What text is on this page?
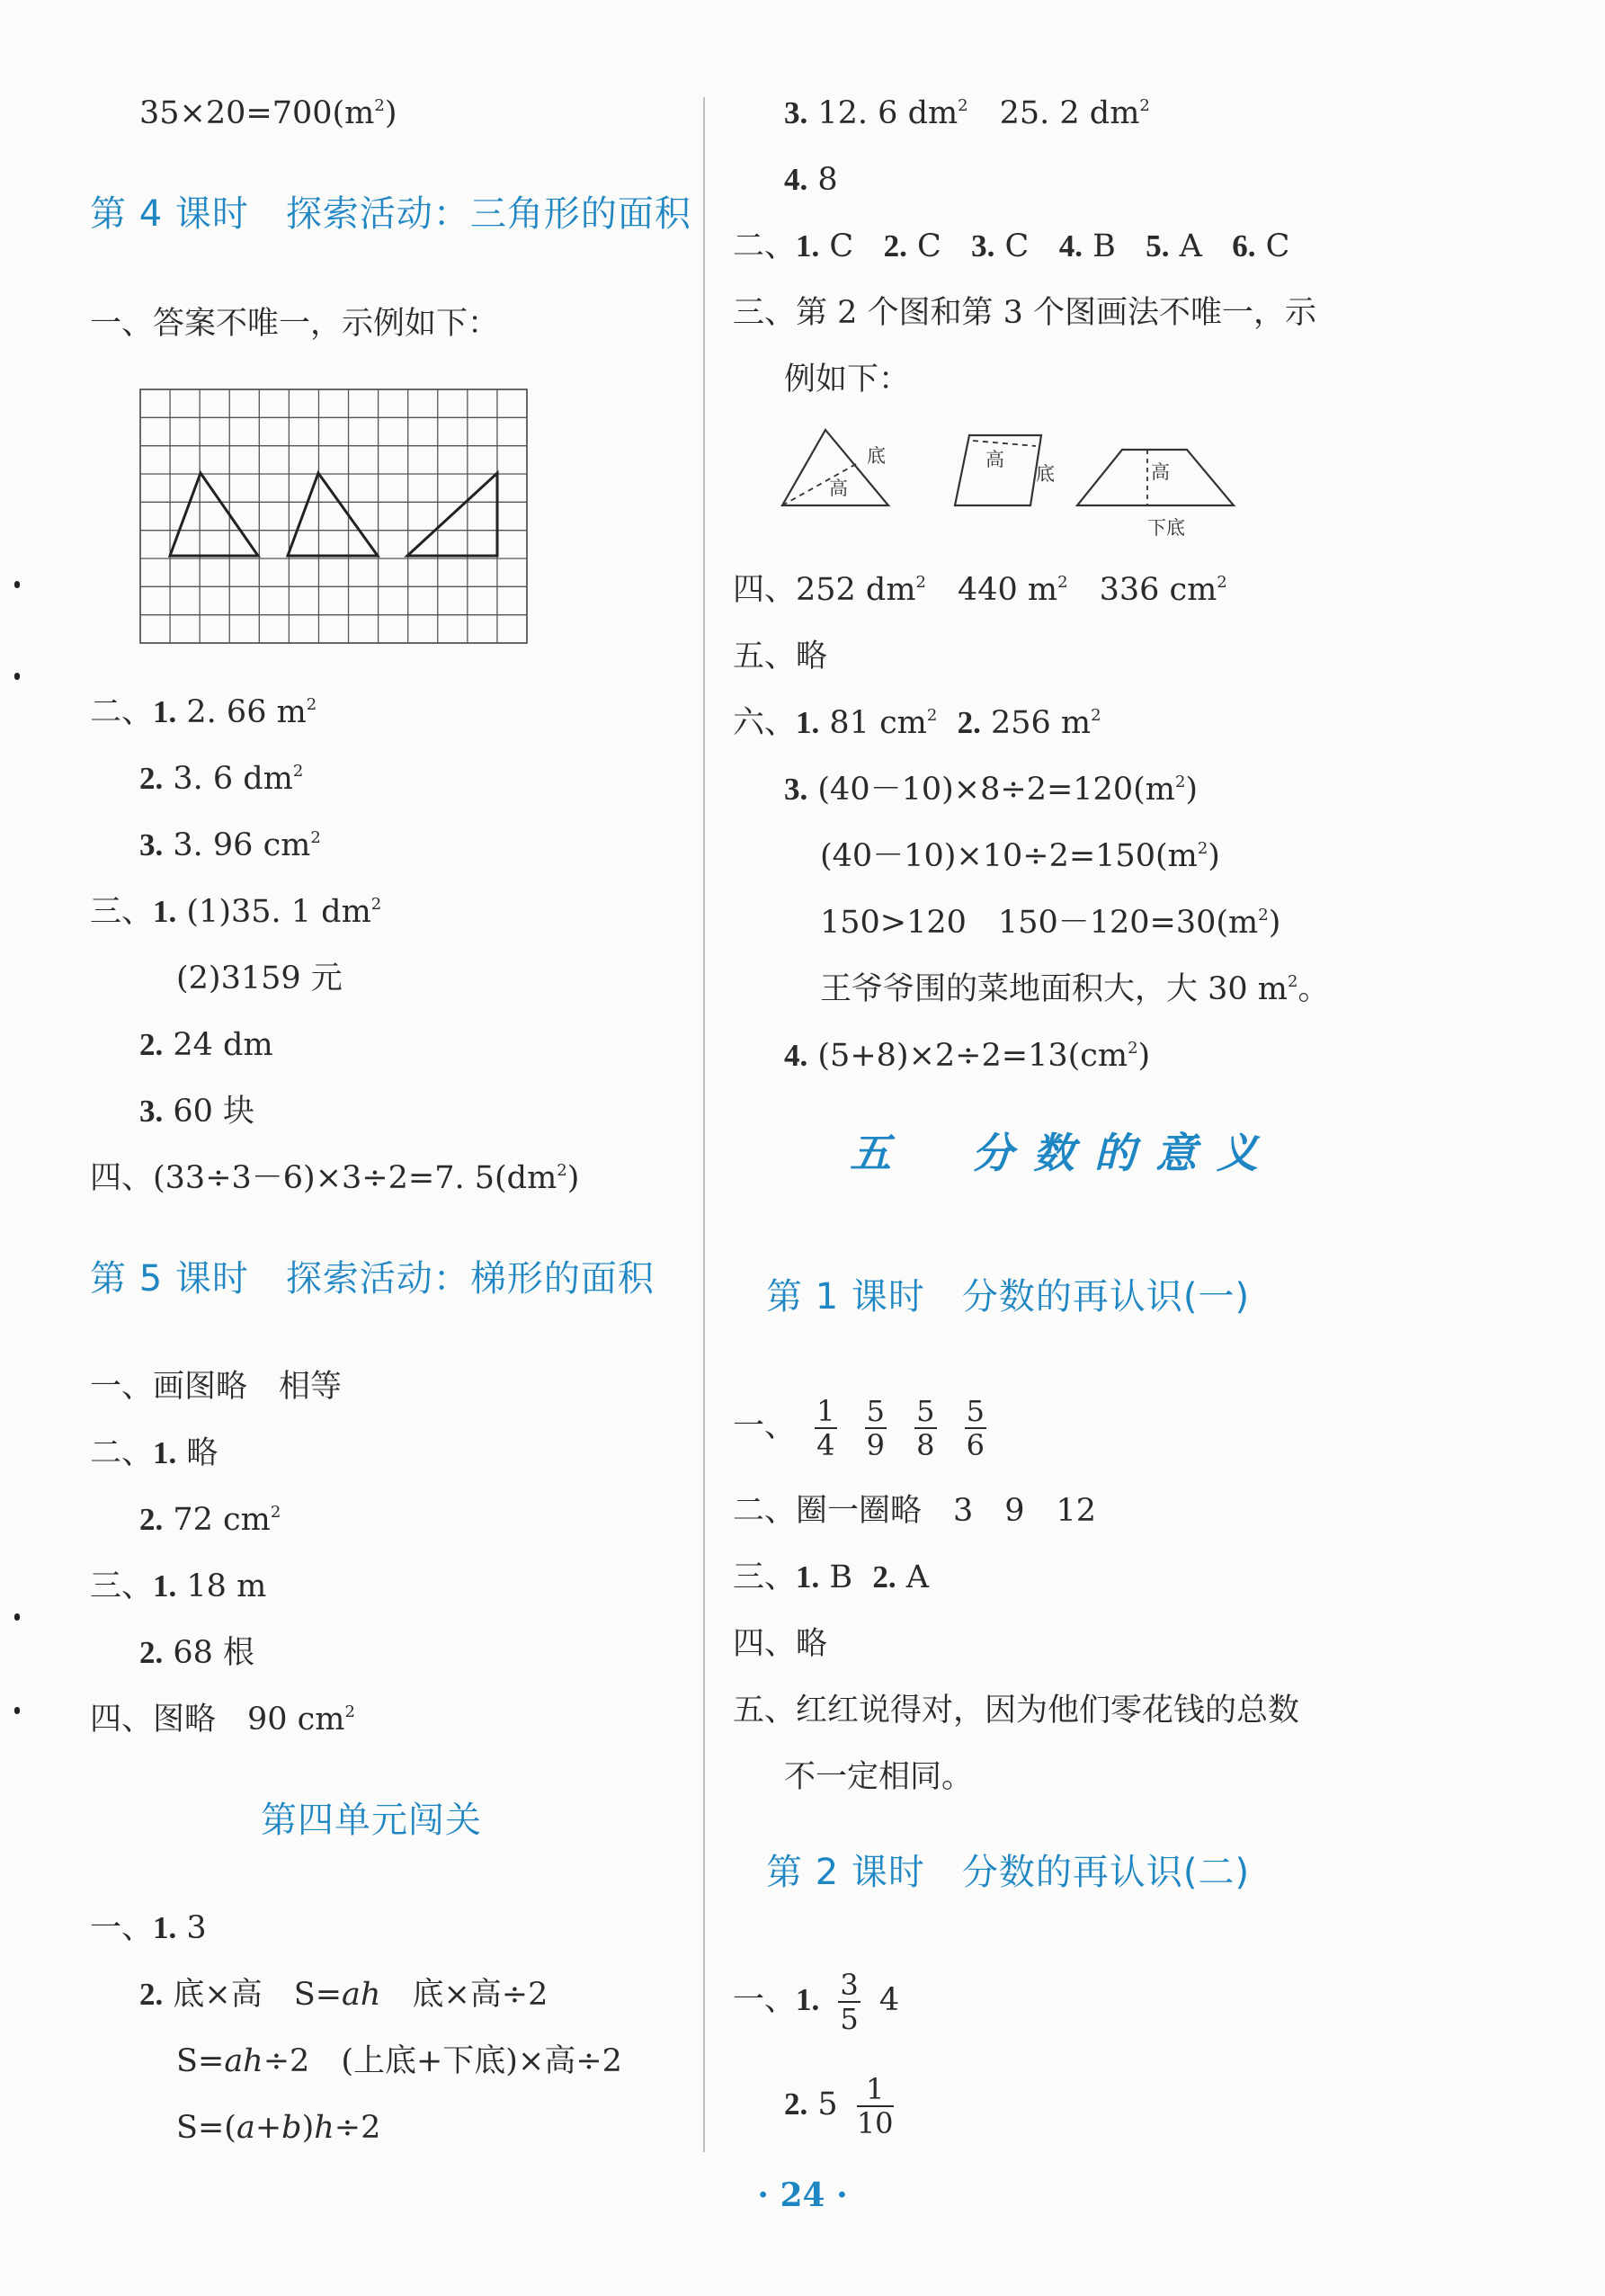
$35\times 20=700(m^2)$
第 4 课时　探索活动：三角形的面积
一、答案不唯一，示例如下：
二、1. 2. 66 $m^2$
2. 3. 6 $dm^2$
3. 3. 96 $cm^2$
三、1. (1)35. 1 $dm^2$
(2)3159 元
2. 24 dm
3. 60 块
四、(33÷3－6)×3÷2=7. $5(dm^2)$
第 5 课时　探索活动：梯形的面积
一、画图略　相等
二、1. 略
2. 72 $cm^2$
三、1. 18 m
2. 68 根
四、图略　90 $cm^2$
第四单元闯关
一、1. 3
2. 底×高　S=ah　底×高÷2
S=ah÷2　(上底+下底)×高÷2
S=(a+b)h÷2
3. 12. 6 $dm^2$　25. 2 $dm^2$
4. 8
二、1. C 2. C 3. C 4. B 5. A 6. C
三、第 2 个图和第 3 个图画法不唯一，示
例如下：
底
高
高
底	高
下底
四、252 $dm^2$　440 $m^2$　336 $cm^2$
五、略
六、1. 81 $cm^2$ 2. 256 $m^2$
3. $(40-10)\times 8\div 2=120(m^2)$
$(40-10)\times 10\div 2=150(m^2)$
150>120　$150-120=30(m^2)$
王爷爷围的菜地面积大，大 30 $m^2$。
4. $(5+8)\times 2\div 2=13(cm^2)$
五　分数的意义
第 1 课时　分数的再认识(一)
一、 $\frac{1}{4}$
$\frac{5}{9}$
$\frac{5}{8}$
$\frac{5}{6}$
二、圈一圈略　3　9　12
三、1. B 2. A
四、略
五、红红说得对，因为他们零花钱的总数
不一定相同。
第 2 课时　分数的再认识(二)
一、1. $\frac{3}{5} 4$
2. $5 \frac{1}{10}$
· 24 ·
